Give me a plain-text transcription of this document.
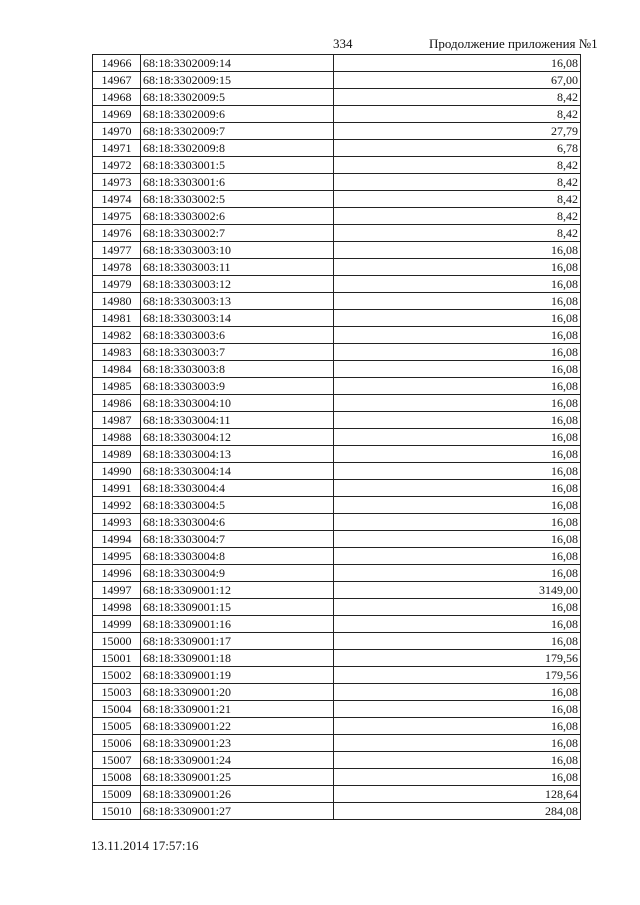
334	Продолжение приложения №1
14966	68:18:3302009:14	16,08
14967	68:18:3302009:15	67,00
14968	68:18:3302009:5	8,42
14969	68:18:3302009:6	8,42
14970	68:18:3302009:7	27,79
14971	68:18:3302009:8	6,78
14972	68:18:3303001:5	8,42
14973	68:18:3303001:6	8,42
14974	68:18:3303002:5	8,42
14975	68:18:3303002:6	8,42
14976	68:18:3303002:7	8,42
14977	68:18:3303003:10	16,08
14978	68:18:3303003:11	16,08
14979	68:18:3303003:12	16,08
14980	68:18:3303003:13	16,08
14981	68:18:3303003:14	16,08
14982	68:18:3303003:6	16,08
14983	68:18:3303003:7	16,08
14984	68:18:3303003:8	16,08
14985	68:18:3303003:9	16,08
14986	68:18:3303004:10	16,08
14987	68:18:3303004:11	16,08
14988	68:18:3303004:12	16,08
14989	68:18:3303004:13	16,08
14990	68:18:3303004:14	16,08
14991	68:18:3303004:4	16,08
14992	68:18:3303004:5	16,08
14993	68:18:3303004:6	16,08
14994	68:18:3303004:7	16,08
14995	68:18:3303004:8	16,08
14996	68:18:3303004:9	16,08
14997	68:18:3309001:12	3149,00
14998	68:18:3309001:15	16,08
14999	68:18:3309001:16	16,08
15000	68:18:3309001:17	16,08
15001	68:18:3309001:18	179,56
15002	68:18:3309001:19	179,56
15003	68:18:3309001:20	16,08
15004	68:18:3309001:21	16,08
15005	68:18:3309001:22	16,08
15006	68:18:3309001:23	16,08
15007	68:18:3309001:24	16,08
15008	68:18:3309001:25	16,08
15009	68:18:3309001:26	128,64
15010	68:18:3309001:27	284,08
13.11.2014 17:57:16
